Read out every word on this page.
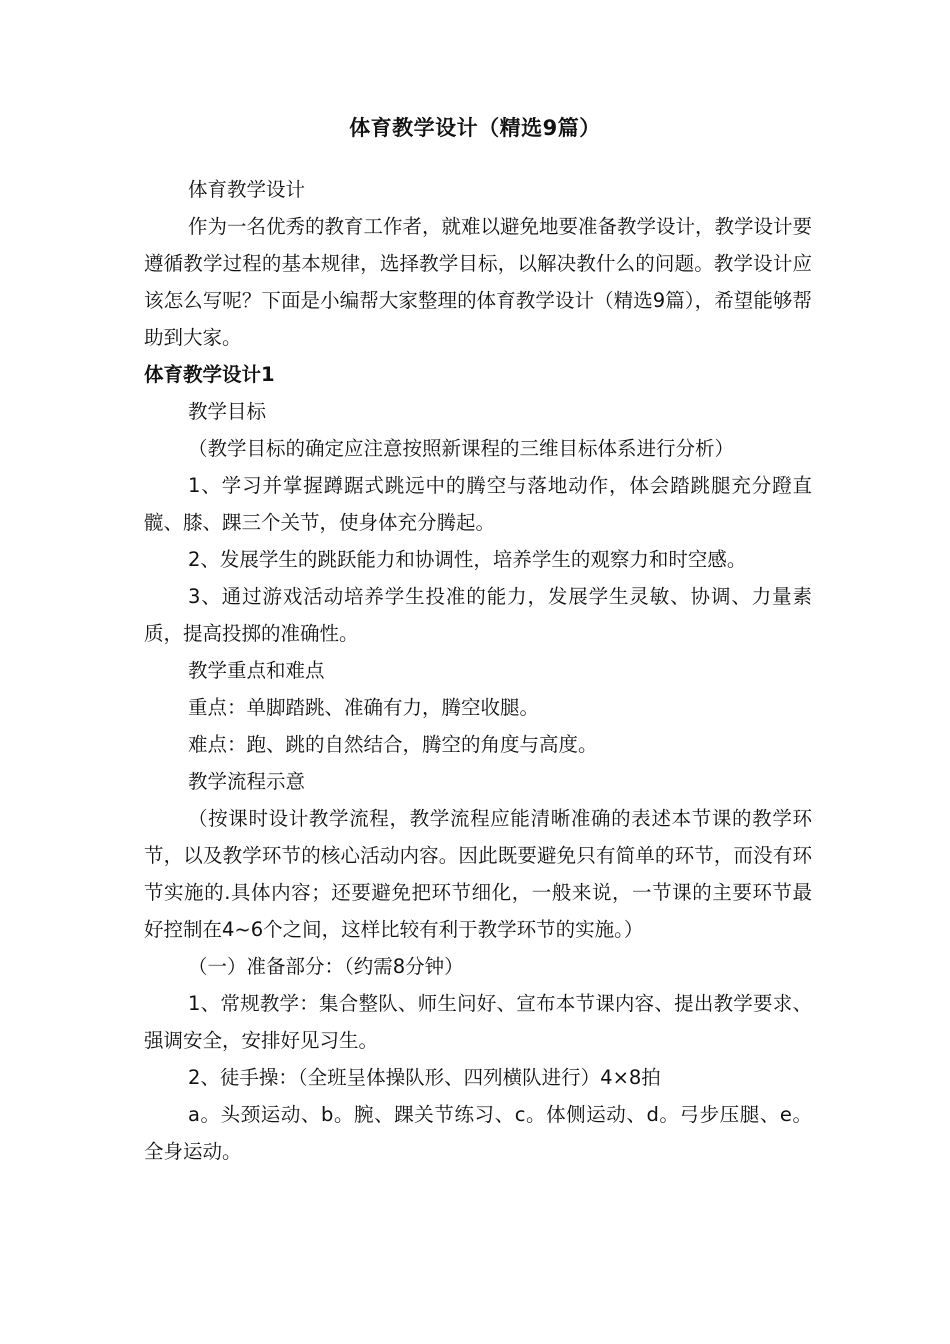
体育教学设计（精选9篇）

体育教学设计

作为一名优秀的教育工作者，就难以避免地要准备教学设计，教学设计要遵循教学过程的基本规律，选择教学目标，以解决教什么的问题。教学设计应该怎么写呢？下面是小编帮大家整理的体育教学设计（精选9篇），希望能够帮助到大家。

体育教学设计1

教学目标

（教学目标的确定应注意按照新课程的三维目标体系进行分析）

1、学习并掌握蹲踞式跳远中的腾空与落地动作，体会踏跳腿充分蹬直髋、膝、踝三个关节，使身体充分腾起。

2、发展学生的跳跃能力和协调性，培养学生的观察力和时空感。

3、通过游戏活动培养学生投准的能力，发展学生灵敏、协调、力量素质，提高投掷的准确性。

教学重点和难点

重点：单脚踏跳、准确有力，腾空收腿。

难点：跑、跳的自然结合，腾空的角度与高度。

教学流程示意

（按课时设计教学流程，教学流程应能清晰准确的表述本节课的教学环节，以及教学环节的核心活动内容。因此既要避免只有简单的环节，而没有环节实施的.具体内容；还要避免把环节细化，一般来说，一节课的主要环节最好控制在4~6个之间，这样比较有利于教学环节的实施。）

（一）准备部分：（约需8分钟）

1、常规教学：集合整队、师生问好、宣布本节课内容、提出教学要求、强调安全，安排好见习生。

2、徒手操：（全班呈体操队形、四列横队进行）4×8拍

a。头颈运动、b。腕、踝关节练习、c。体侧运动、d。弓步压腿、e。全身运动。
